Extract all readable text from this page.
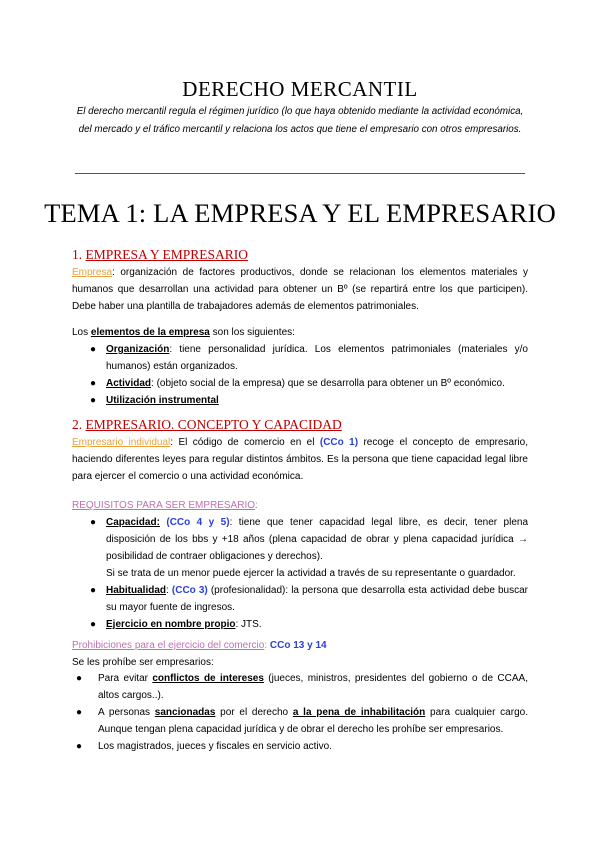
DERECHO MERCANTIL
El derecho mercantil regula el régimen jurídico (lo que haya obtenido mediante la actividad económica, del mercado y el tráfico mercantil y relaciona los actos que tiene el empresario con otros empresarios.
TEMA 1: LA EMPRESA Y EL EMPRESARIO
1. EMPRESA Y EMPRESARIO
Empresa: organización de factores productivos, donde se relacionan los elementos materiales y humanos que desarrollan una actividad para obtener un Bº (se repartirá entre los que participen). Debe haber una plantilla de trabajadores además de elementos patrimoniales.
Los elementos de la empresa son los siguientes:
● Organización: tiene personalidad jurídica. Los elementos patrimoniales (materiales y/o humanos) están organizados.
● Actividad: (objeto social de la empresa) que se desarrolla para obtener un Bº económico.
● Utilización instrumental
2. EMPRESARIO. CONCEPTO Y CAPACIDAD
Empresario individual: El código de comercio en el (CCo 1) recoge el concepto de empresario, haciendo diferentes leyes para regular distintos ámbitos. Es la persona que tiene capacidad legal libre para ejercer el comercio o una actividad económica.
REQUISITOS PARA SER EMPRESARIO:
● Capacidad: (CCo 4 y 5): tiene que tener capacidad legal libre, es decir, tener plena disposición de los bbs y +18 años (plena capacidad de obrar y plena capacidad jurídica → posibilidad de contraer obligaciones y derechos).
Si se trata de un menor puede ejercer la actividad a través de su representante o guardador.
● Habitualidad: (CCo 3) (profesionalidad): la persona que desarrolla esta actividad debe buscar su mayor fuente de ingresos.
● Ejercicio en nombre propio: JTS.
Prohibiciones para el ejercicio del comercio: CCo 13 y 14
Se les prohíbe ser empresarios:
● Para evitar conflictos de intereses (jueces, ministros, presidentes del gobierno o de CCAA, altos cargos..).
● A personas sancionadas por el derecho a la pena de inhabilitación para cualquier cargo. Aunque tengan plena capacidad jurídica y de obrar el derecho les prohíbe ser empresarios.
● Los magistrados, jueces y fiscales en servicio activo.
